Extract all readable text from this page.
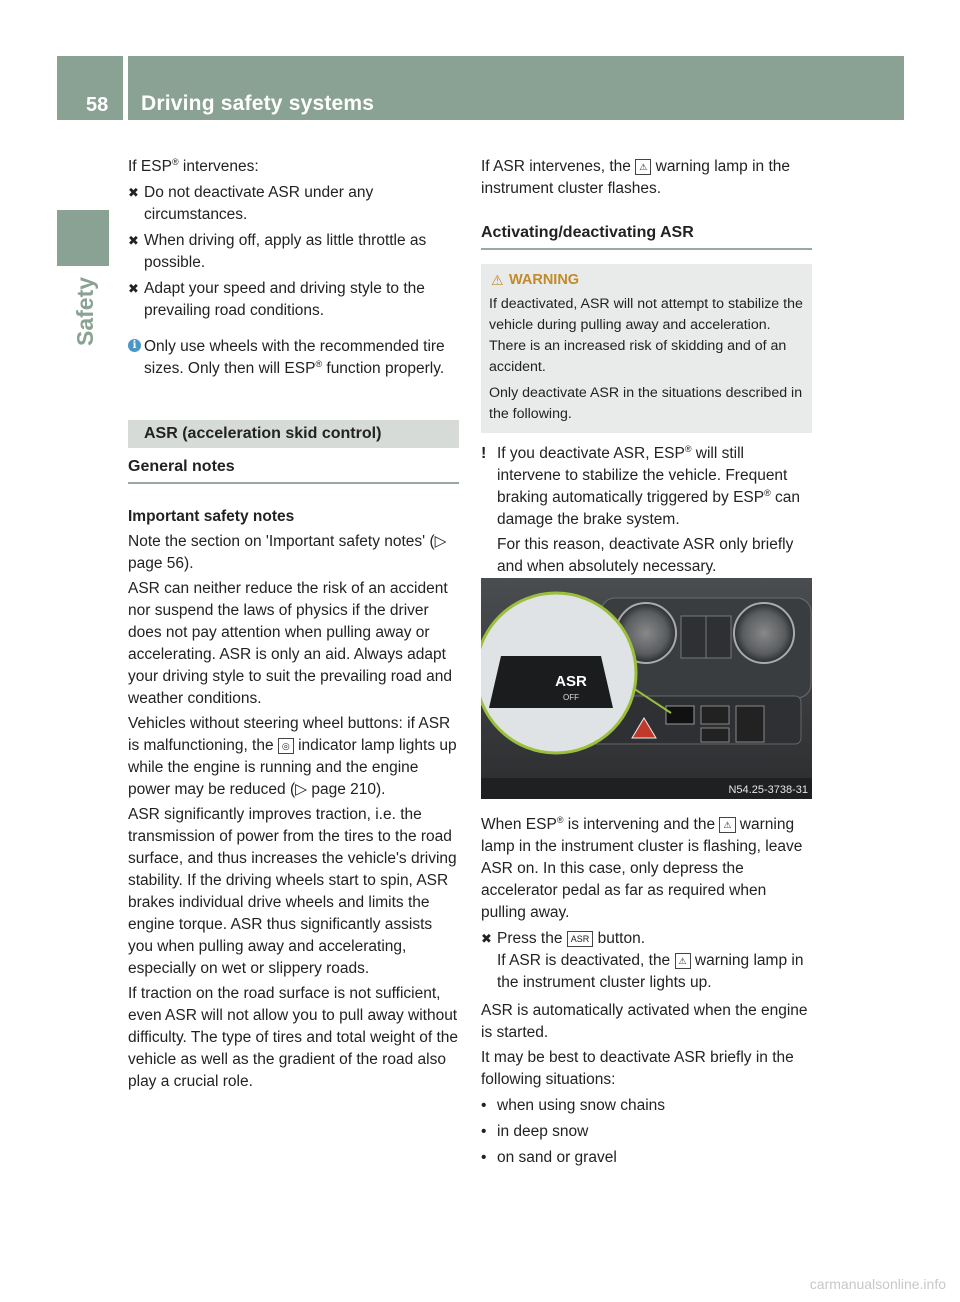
58 Driving safety systems
Safety

If ESP® intervenes:

✖ Do not deactivate ASR under any circumstances.

✖ When driving off, apply as little throttle as possible.

✖ Adapt your speed and driving style to the prevailing road conditions.

i Only use wheels with the recommended tire sizes. Only then will ESP® function properly.

ASR (acceleration skid control)
General notes

Important safety notes

Note the section on 'Important safety notes' (▷ page 56).

ASR can neither reduce the risk of an accident nor suspend the laws of physics if the driver does not pay attention when pulling away or accelerating. ASR is only an aid. Always adapt your driving style to suit the prevailing road and weather conditions.

Vehicles without steering wheel buttons: if ASR is malfunctioning, the ◎ indicator lamp lights up while the engine is running and the engine power may be reduced (▷ page 210).

ASR significantly improves traction, i.e. the transmission of power from the tires to the road surface, and thus increases the vehicle's driving stability. If the driving wheels start to spin, ASR brakes individual drive wheels and limits the engine torque. ASR thus significantly assists you when pulling away and accelerating, especially on wet or slippery roads.

If traction on the road surface is not sufficient, even ASR will not allow you to pull away without difficulty. The type of tires and total weight of the vehicle as well as the gradient of the road also play a crucial role.

If ASR intervenes, the ⚠ warning lamp in the instrument cluster flashes.

Activating/deactivating ASR
⚠ WARNING

If deactivated, ASR will not attempt to stabilize the vehicle during pulling away and acceleration. There is an increased risk of skidding and of an accident.

Only deactivate ASR in the situations described in the following.

! If you deactivate ASR, ESP® will still intervene to stabilize the vehicle. Frequent braking automatically triggered by ESP® can damage the brake system.

For this reason, deactivate ASR only briefly and when absolutely necessary.

ASR
OFF
N54.25-3738-31

When ESP® is intervening and the ⚠ warning lamp in the instrument cluster is flashing, leave ASR on. In this case, only depress the accelerator pedal as far as required when pulling away.

✖ Press the ASR button.

If ASR is deactivated, the ⚠ warning lamp in the instrument cluster lights up.

ASR is automatically activated when the engine is started.

It may be best to deactivate ASR briefly in the following situations:

• when using snow chains

• in deep snow

• on sand or gravel

carmanualsonline.info
